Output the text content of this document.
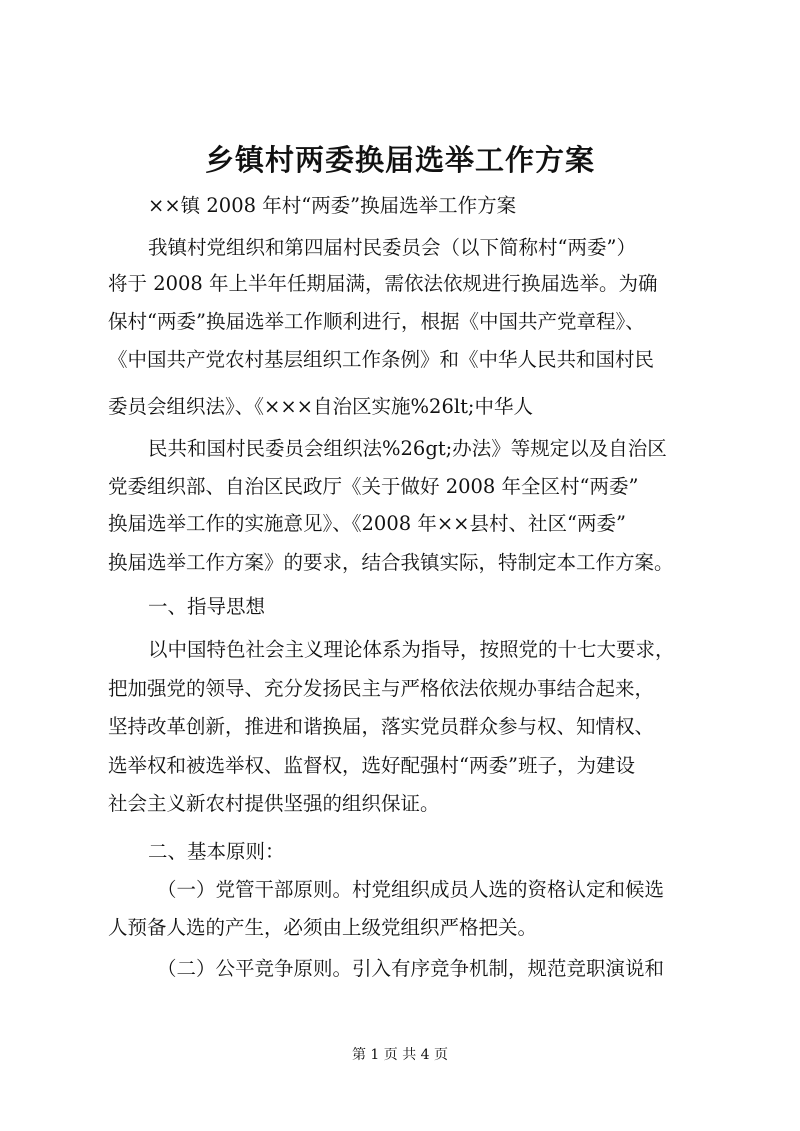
乡镇村两委换届选举工作方案
××镇 2008 年村“两委”换届选举工作方案
我镇村党组织和第四届村民委员会（以下简称村“两委”）
将于 2008 年上半年任期届满，需依法依规进行换届选举。为确
保村“两委”换届选举工作顺利进行，根据《中国共产党章程》、
《中国共产党农村基层组织工作条例》和《中华人民共和国村民
委员会组织法》、《×××自治区实施%26lt;中华人
民共和国村民委员会组织法%26gt;办法》等规定以及自治区
党委组织部、自治区民政厅《关于做好 2008 年全区村“两委”
换届选举工作的实施意见》、《2008 年××县村、社区“两委”
换届选举工作方案》的要求，结合我镇实际，特制定本工作方案。
一、指导思想
以中国特色社会主义理论体系为指导，按照党的十七大要求，
把加强党的领导、充分发扬民主与严格依法依规办事结合起来，
坚持改革创新，推进和谐换届，落实党员群众参与权、知情权、
选举权和被选举权、监督权，选好配强村“两委”班子，为建设
社会主义新农村提供坚强的组织保证。
二、基本原则：
（一）党管干部原则。村党组织成员人选的资格认定和候选
人预备人选的产生，必须由上级党组织严格把关。
（二）公平竞争原则。引入有序竞争机制，规范竞职演说和
第 1 页 共 4 页
